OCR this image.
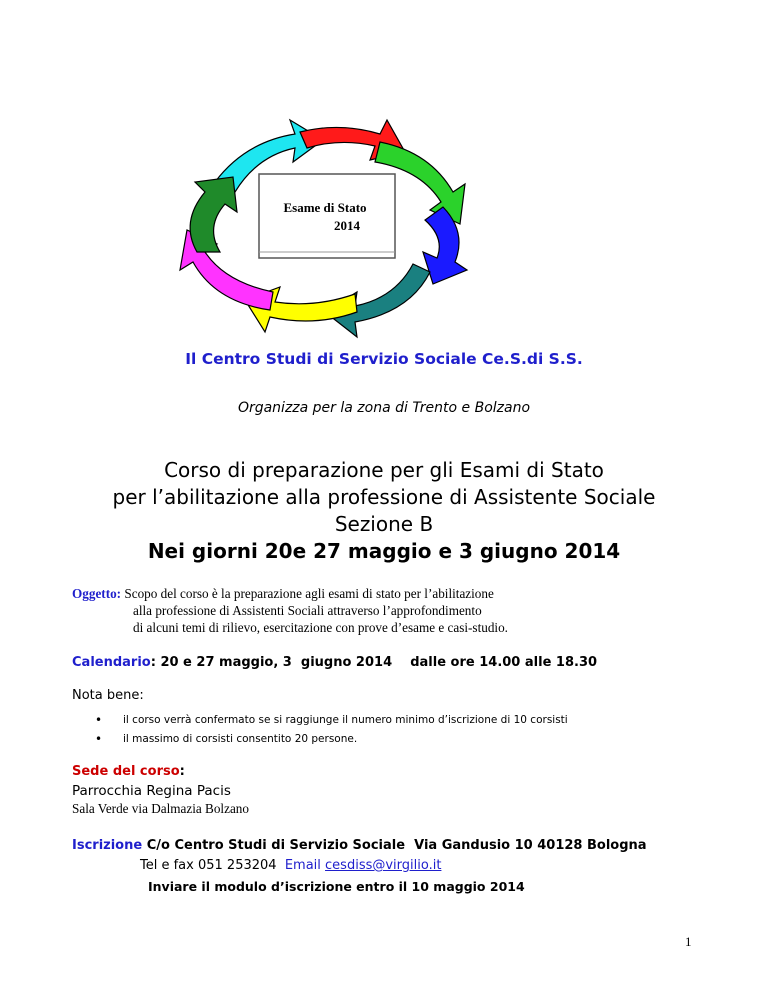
Esame di Stato
2014
Il Centro Studi di Servizio Sociale Ce.S.di S.S.
Organizza per la zona di Trento e Bolzano
Corso di preparazione per gli Esami di Stato
per l’abilitazione alla professione di Assistente Sociale
Sezione B
Nei giorni 20e 27 maggio e 3 giugno 2014
Oggetto: Scopo del corso è la preparazione agli esami di stato per l’abilitazione
alla professione di Assistenti Sociali attraverso l’approfondimento
di alcuni temi di rilievo, esercitazione con prove d’esame e casi-studio.
Calendario: 20 e 27 maggio, 3  giugno 2014    dalle ore 14.00 alle 18.30
Nota bene:
• il corso verrà confermato se si raggiunge il numero minimo d’iscrizione di 10 corsisti
• il massimo di corsisti consentito 20 persone.
Sede del corso:
Parrocchia Regina Pacis
Sala Verde via Dalmazia Bolzano
Iscrizione C/o Centro Studi di Servizio Sociale  Via Gandusio 10 40128 Bologna
Tel e fax 051 253204  Email cesdiss@virgilio.it
Inviare il modulo d’iscrizione entro il 10 maggio 2014
1
